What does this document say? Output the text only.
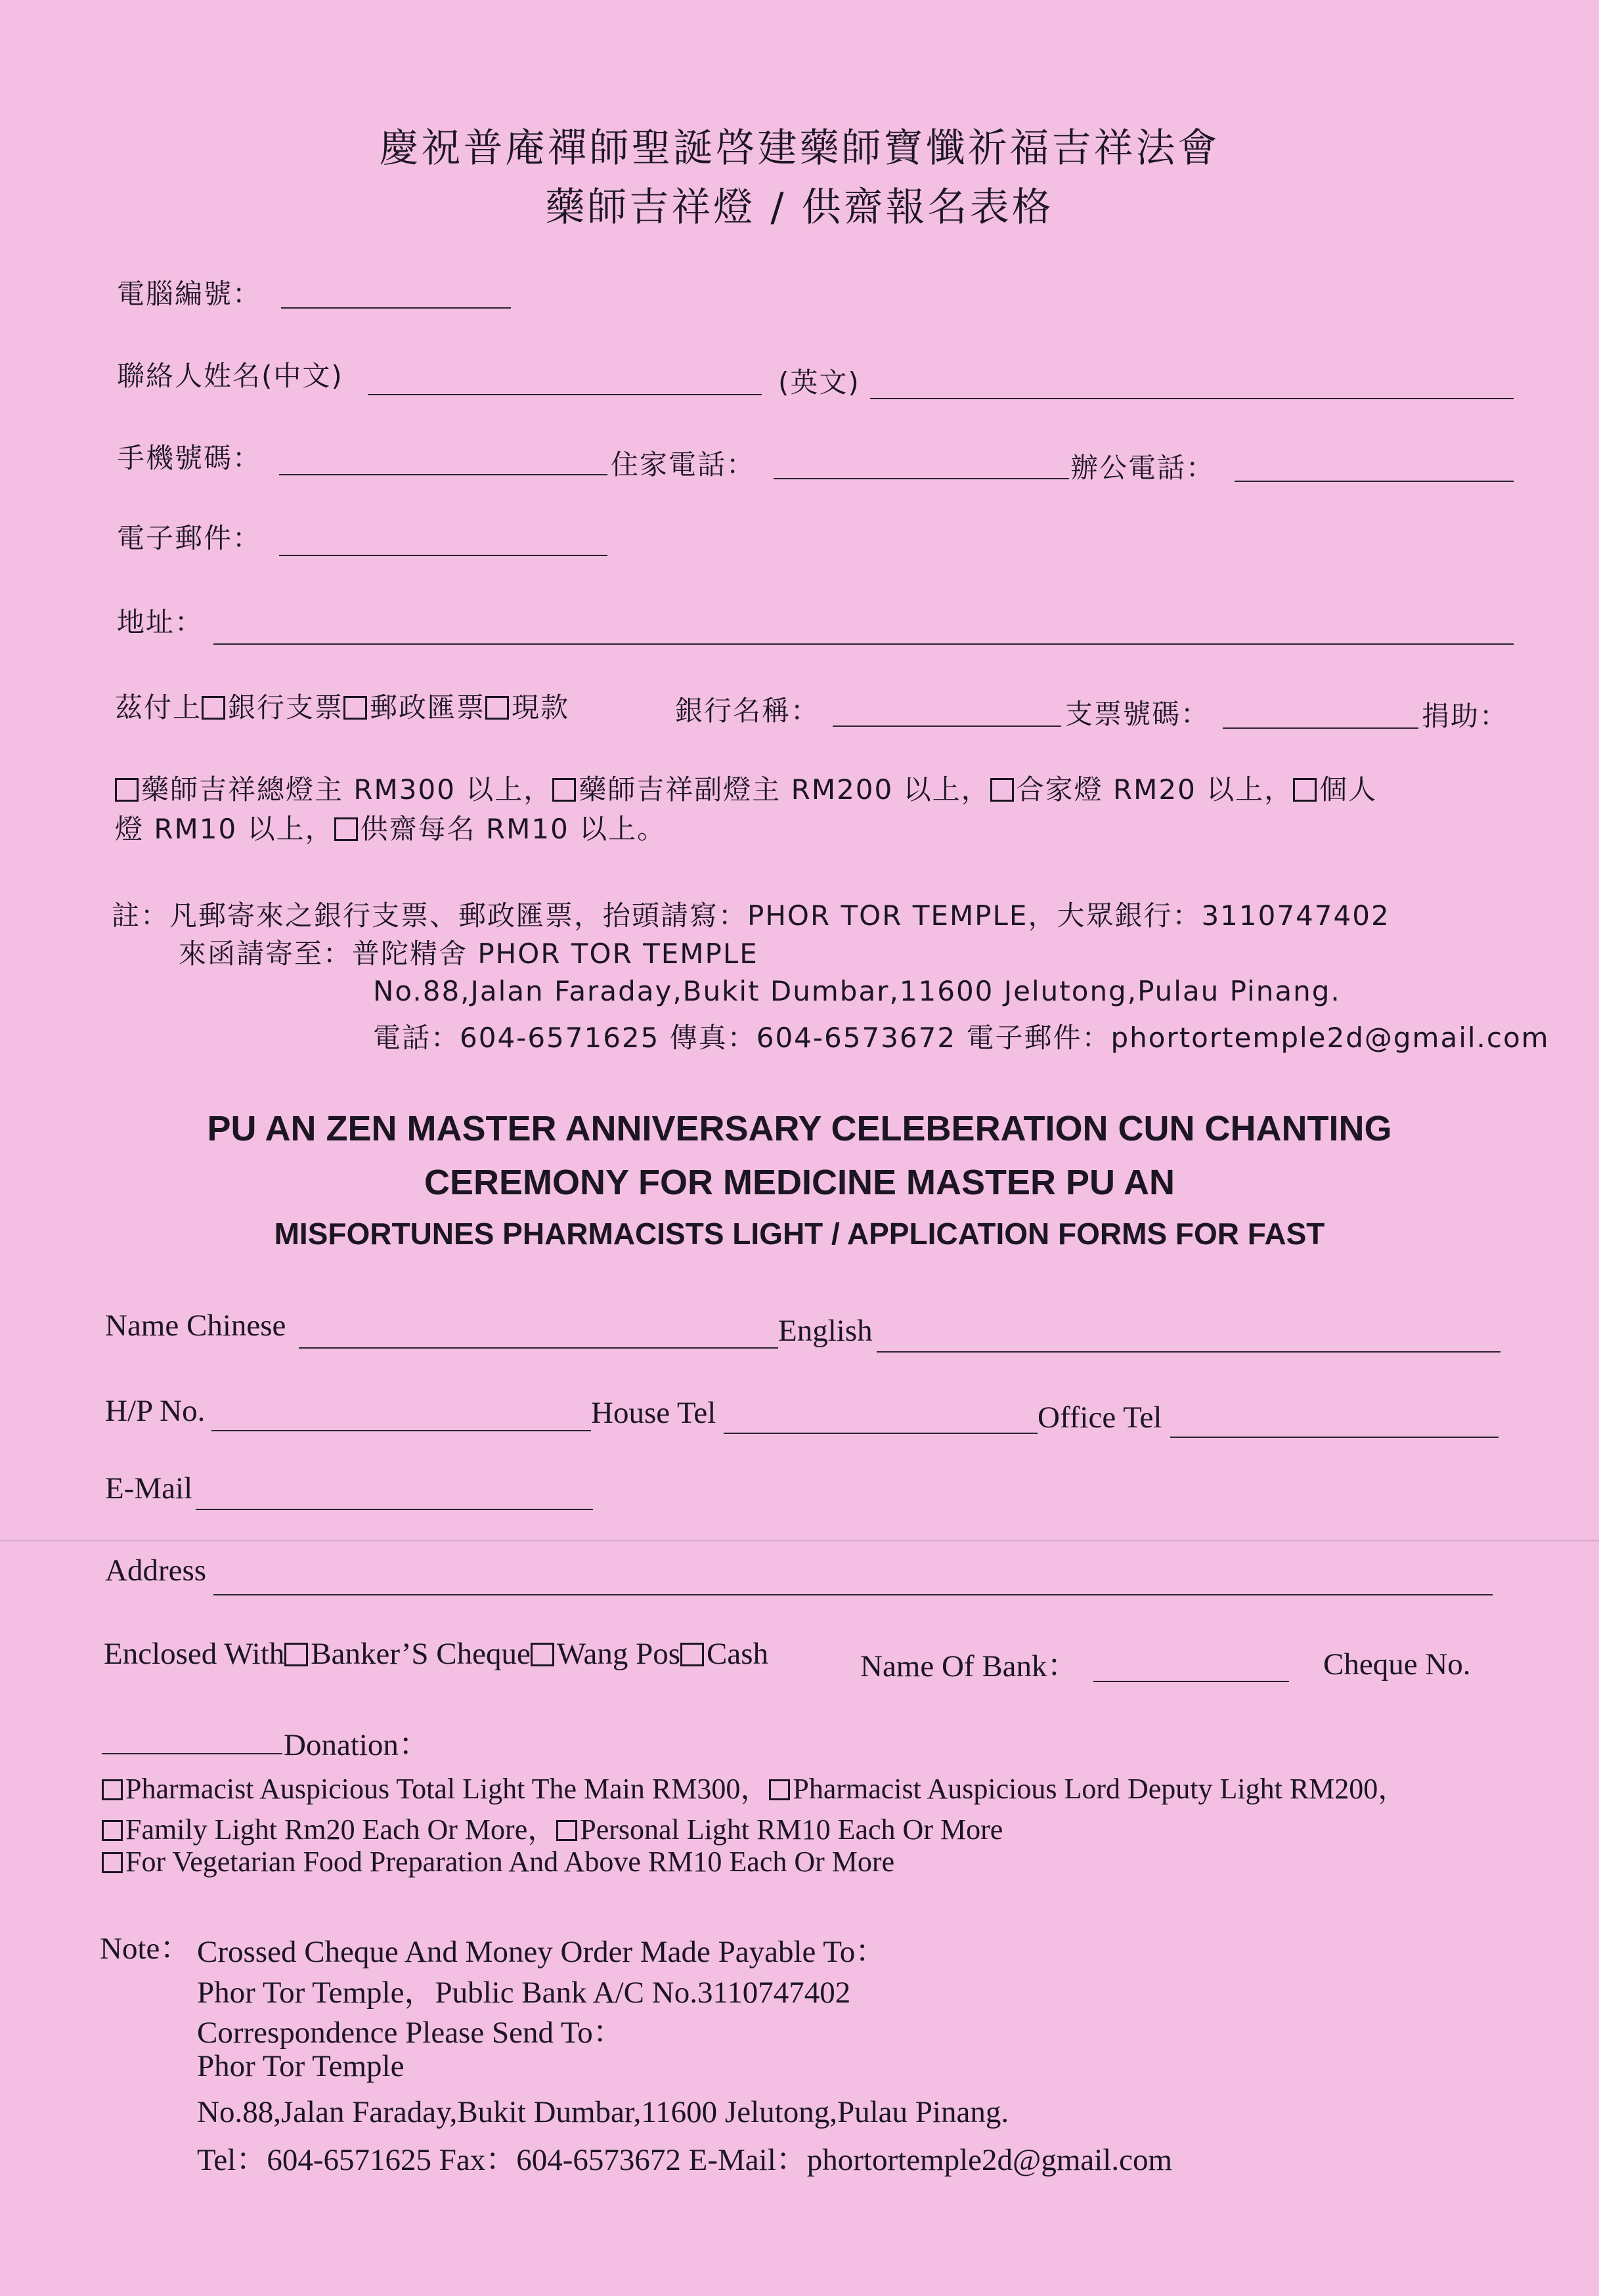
慶祝普庵禪師聖誕啓建藥師寶懺祈福吉祥法會
藥師吉祥燈 / 供齋報名表格
電腦編號：
聯絡人姓名(中文)	(英文)
手機號碼：	住家電話：	辦公電話：
電子郵件：
地址：
茲付上 銀行支票 郵政匯票 現款	銀行名稱：	支票號碼：	捐助：
藥師吉祥總燈主 RM300 以上， 藥師吉祥副燈主 RM200 以上， 合家燈 RM20 以上， 個人
燈 RM10 以上， 供齋每名 RM10 以上。
註：凡郵寄來之銀行支票、郵政匯票，抬頭請寫：PHOR TOR TEMPLE，大眾銀行：3110747402
來函請寄至：普陀精舍 PHOR TOR TEMPLE
No.88,Jalan Faraday,Bukit Dumbar,11600 Jelutong,Pulau Pinang.
電話：604-6571625 傳真：604-6573672 電子郵件：phortortemple2d@gmail.com
PU AN ZEN MASTER ANNIVERSARY CELEBERATION CUN CHANTING
CEREMONY FOR MEDICINE MASTER PU AN
MISFORTUNES PHARMACISTS LIGHT / APPLICATION FORMS FOR FAST
Name Chinese	English
H/P No.	House Tel	Office Tel
E-Mail
Address
Enclosed With Banker’S Cheque Wang Pos Cash	Name Of Bank：	Cheque No.
Donation：
Pharmacist Auspicious Total Light The Main RM300， Pharmacist Auspicious Lord Deputy Light RM200，
Family Light Rm20 Each Or More， Personal Light RM10 Each Or More
For Vegetarian Food Preparation And Above RM10 Each Or More
Note： Crossed Cheque And Money Order Made Payable To：
Phor Tor Temple，Public Bank A/C No.3110747402
Correspondence Please Send To：
Phor Tor Temple
No.88,Jalan Faraday,Bukit Dumbar,11600 Jelutong,Pulau Pinang.
Tel：604-6571625 Fax：604-6573672 E-Mail：phortortemple2d@gmail.com
